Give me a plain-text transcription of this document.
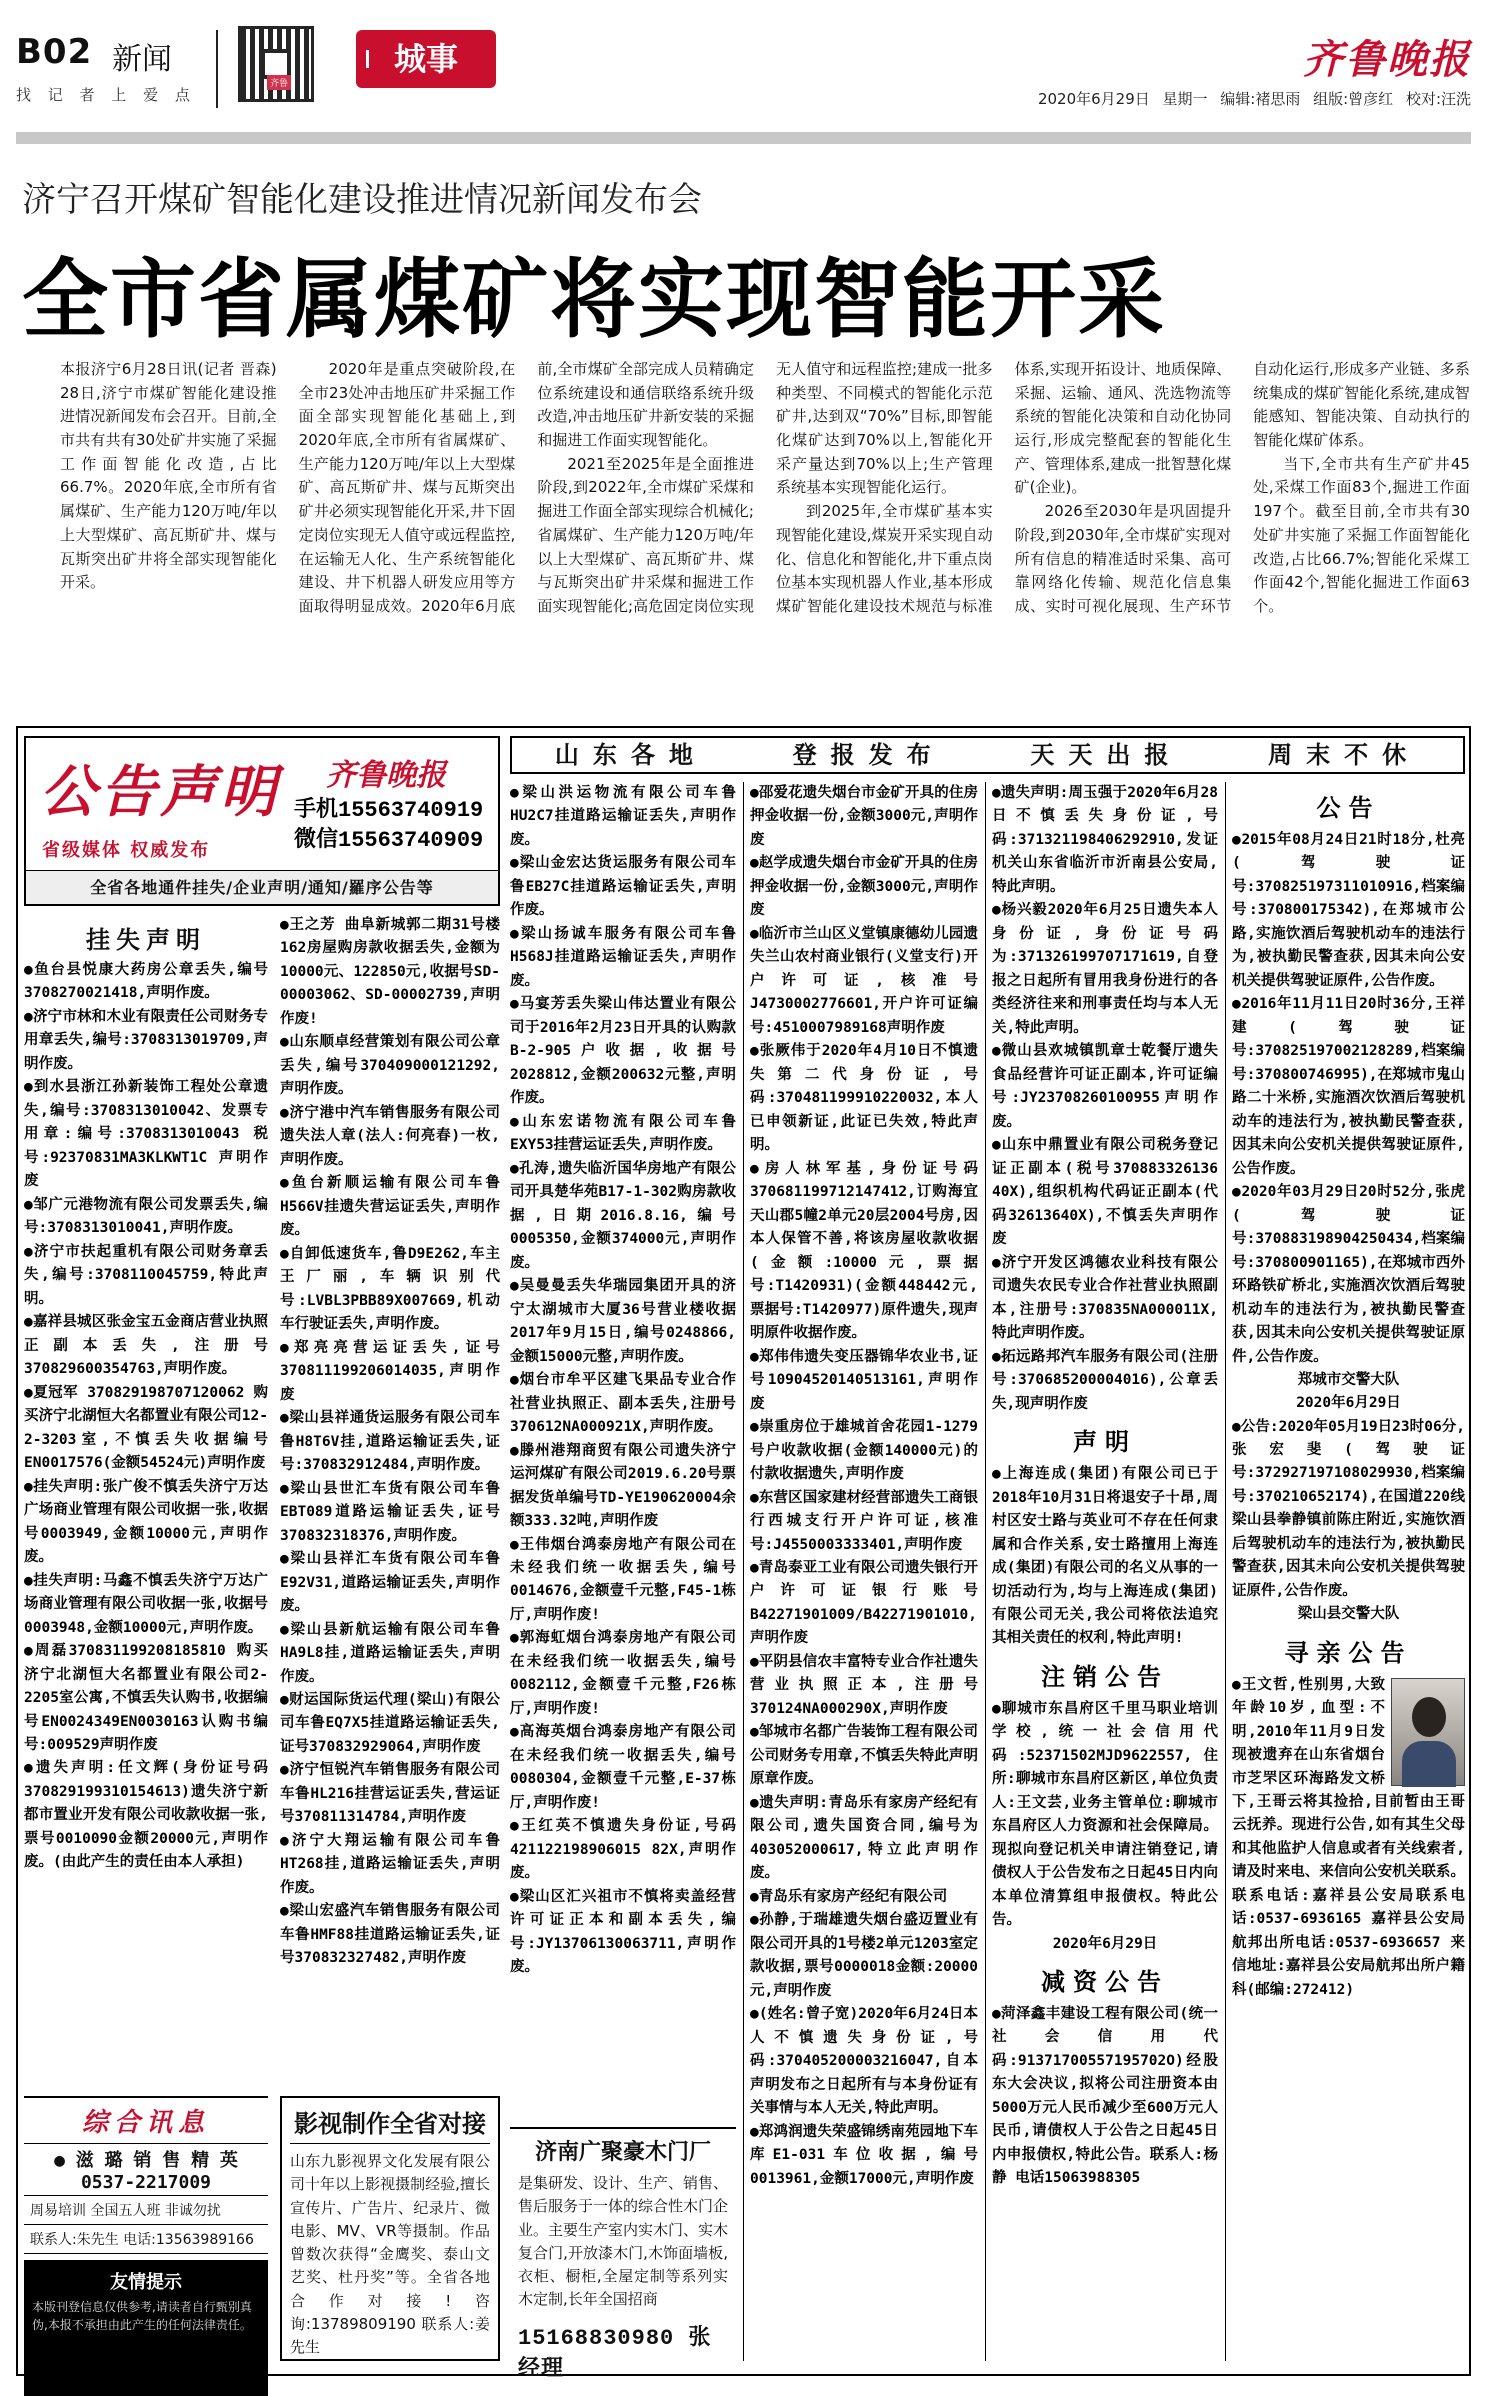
B02 新闻
找 记 者 上 爱 点
齐鲁
城事	齐鲁晚报
2020年6月29日 星期一 编辑:褚思雨 组版:曾彦红 校对:汪洗
济宁召开煤矿智能化建设推进情况新闻发布会
全市省属煤矿将实现智能开采

本报济宁6月28日讯(记者 晋森) 28日,济宁市煤矿智能化建设推进情况新闻发布会召开。目前,全市共有共有30处矿井实施了采掘工作面智能化改造,占比66.7%。2020年底,全市所有省属煤矿、生产能力120万吨/年以上大型煤矿、高瓦斯矿井、煤与瓦斯突出矿井将全部实现智能化开采。

2020年是重点突破阶段,在全市23处冲击地压矿井采掘工作面全部实现智能化基础上,到2020年底,全市所有省属煤矿、生产能力120万吨/年以上大型煤矿、高瓦斯矿井、煤与瓦斯突出矿井必须实现智能化开采,井下固定岗位实现无人值守或远程监控,在运输无人化、生产系统智能化建设、井下机器人研发应用等方面取得明显成效。2020年6月底前,全市煤矿全部完成人员精确定位系统建设和通信联络系统升级改造,冲击地压矿井新安装的采掘和掘进工作面实现智能化。

2021至2025年是全面推进阶段,到2022年,全市煤矿采煤和掘进工作面全部实现综合机械化;省属煤矿、生产能力120万吨/年以上大型煤矿、高瓦斯矿井、煤与瓦斯突出矿井采煤和掘进工作面实现智能化;高危固定岗位实现无人值守和远程监控;建成一批多种类型、不同模式的智能化示范矿井,达到双“70%”目标,即智能化煤矿达到70%以上,智能化开采产量达到70%以上;生产管理系统基本实现智能化运行。

到2025年,全市煤矿基本实现智能化建设,煤炭开采实现自动化、信息化和智能化,井下重点岗位基本实现机器人作业,基本形成煤矿智能化建设技术规范与标准体系,实现开拓设计、地质保障、采掘、运输、通风、洗选物流等系统的智能化决策和自动化协同运行,形成完整配套的智能化生产、管理体系,建成一批智慧化煤矿(企业)。

2026至2030年是巩固提升阶段,到2030年,全市煤矿实现对所有信息的精准适时采集、高可靠网络化传输、规范化信息集成、实时可视化展现、生产环节自动化运行,形成多产业链、多系统集成的煤矿智能化系统,建成智能感知、智能决策、自动执行的智能化煤矿体系。

当下,全市共有生产矿井45处,采煤工作面83个,掘进工作面197个。截至目前,全市共有30处矿井实施了采掘工作面智能化改造,占比66.7%;智能化采煤工作面42个,智能化掘进工作面63个。

公告声明 齐鲁晚报
手机15563740919
微信15563740909
省级媒体 权威发布
全省各地通件挂失/企业声明/通知/羅序公告等
挂失声明
● 鱼台县悦康大药房公章丢失,编号3708270021418,声明作废。
● 济宁市林和木业有限责任公司财务专用章丢失,编号:3708313019709,声明作废。
● 到水县浙江孙新装饰工程处公章遗失,编号:3708313010042、发票专用章:编号:3708313010043 税号:92370831MA3KLKWT1C 声明作废
● 邹广元港物流有限公司发票丢失,编号:3708313010041,声明作废。
● 济宁市扶起重机有限公司财务章丢失,编号:3708110045759,特此声明。
● 嘉祥县城区张金宝五金商店营业执照正副本丢失,注册号370829600354763,声明作废。
● 夏冠军 370829198707120062 购买济宁北湖恒大名都置业有限公司12-2-3203室,不慎丢失收据编号EN0017576(金额54524元)声明作废
● 挂失声明:张广俊不慎丢失济宁万达广场商业管理有限公司收据一张,收据号0003949,金额10000元,声明作废。
● 挂失声明:马鑫不慎丢失济宁万达广场商业管理有限公司收据一张,收据号0003948,金额10000元,声明作废。
● 周磊370831199208185810 购买济宁北湖恒大名都置业有限公司2-2205室公寓,不慎丢失认购书,收据编号EN0024349EN0030163认购书编号:009529声明作废
● 遗失声明:任文辉(身份证号码370829199310154613)遗失济宁新都市置业开发有限公司收款收据一张,票号0010090金额20000元,声明作废。(由此产生的责任由本人承担)
● 王之芳 曲阜新城郭二期31号楼162房屋购房款收据丢失,金额为10000元、122850元,收据号SD-00003062、SD-00002739,声明作废!
● 山东顺卓经营策划有限公司公章丢失,编号370409000121292,声明作废。
● 济宁港中汽车销售服务有限公司遗失法人章(法人:何亮春)一枚,声明作废。
● 鱼台新顺运输有限公司车鲁H566V挂遗失营运证丢失,声明作废。
● 自卸低速货车,鲁D9E262,车主王厂丽,车辆识别代号:LVBL3PBB89X007669,机动车行驶证丢失,声明作废。
● 郑亮亮营运证丢失,证号370811199206014035,声明作废
● 梁山县祥通货运服务有限公司车鲁H8T6V挂,道路运输证丢失,证号:370832912484,声明作废。
● 梁山县世汇车货有限公司车鲁EBT089道路运输证丢失,证号370832318376,声明作废。
● 梁山县祥汇车货有限公司车鲁E92V31,道路运输证丢失,声明作废。
● 梁山县新航运输有限公司车鲁HA9L8挂,道路运输证丢失,声明作废。
● 财运国际货运代理(梁山)有限公司车鲁EQ7X5挂道路运输证丢失,证号370832929064,声明作废
● 济宁恒锐汽车销售服务有限公司车鲁HL216挂营运证丢失,营运证号370811314784,声明作废
● 济宁大翔运输有限公司车鲁HT268挂,道路运输证丢失,声明作废。
● 梁山宏盛汽车销售服务有限公司车鲁HMF88挂道路运输证丢失,证号370832327482,声明作废
综合讯息
● 滋 璐 销 售 精 英 0537-2217009
周易培训 全国五人班 非诚勿扰
联系人:朱先生 电话:13563989166
友情提示
本版刊登信息仅供参考,请读者自行甄别真伪,本报不承担由此产生的任何法律责任。
影视制作全省对接
山东九影视界文化发展有限公司十年以上影视摄制经验,擅长宣传片、广告片、纪录片、微电影、MV、VR等摄制。作品曾数次获得“金鹰奖、泰山文艺奖、杜丹奖”等。全省各地合作对接!咨询:13789809190 联系人:姜先生
山东各地	登报发布	天天出报	周末不休
● 梁山洪运物流有限公司车鲁HU2C7挂道路运输证丢失,声明作废。
● 梁山金宏达货运服务有限公司车鲁EB27C挂道路运输证丢失,声明作废。
● 梁山扬诚车服务有限公司车鲁H568J挂道路运输证丢失,声明作废。
● 马宴芳丢失梁山伟达置业有限公司于2016年2月23日开具的认购款B-2-905户收据,收据号2028812,金额200632元整,声明作废。
● 山东宏诺物流有限公司车鲁EXY53挂营运证丢失,声明作废。
● 孔涛,遗失临沂国华房地产有限公司开具楚华苑B17-1-302购房款收据,日期2016.8.16,编号0005350,金额374000元,声明作废。
● 吴曼曼丢失华瑞园集团开具的济宁太湖城市大厦36号营业楼收据2017年9月15日,编号0248866,金额15000元整,声明作废。
● 烟台市牟平区建飞果品专业合作社营业执照正、副本丢失,注册号370612NA000921X,声明作废。
● 滕州港翔商贸有限公司遗失济宁运河煤矿有限公司2019.6.20号票据发货单编号TD-YE190620004余额333.32吨,声明作废
● 王伟烟台鸿泰房地产有限公司在未经我们统一收据丢失,编号0014676,金额壹千元整,F45-1栋厅,声明作废!
● 郭海虹烟台鸿泰房地产有限公司在未经我们统一收据丢失,编号0082112,金额壹千元整,F26栋厅,声明作废!
● 高海英烟台鸿泰房地产有限公司在未经我们统一收据丢失,编号0080304,金额壹千元整,E-37栋厅,声明作废!
● 王红英不慎遗失身份证,号码421122198906015 82X,声明作废。
● 梁山区汇兴祖市不慎将卖盖经营许可证正本和副本丢失,编号:JY13706130063711,声明作废。
济南广聚豪木门厂
是集研发、设计、生产、销售、售后服务于一体的综合性木门企业。主要生产室内实木门、实木复合门,开放漆木门,木饰面墙板,衣柜、橱柜,全屋定制等系列实木定制,长年全国招商
15168830980 张经理
● 邵爱花遗失烟台市金矿开具的住房押金收据一份,金额3000元,声明作废
● 赵学成遗失烟台市金矿开具的住房押金收据一份,金额3000元,声明作废
● 临沂市兰山区义堂镇康德幼儿园遗失兰山农村商业银行(义堂支行)开户许可证,核准号J4730002776601,开户许可证编号:4510007989168声明作废
● 张厥伟于2020年4月10日不慎遗失第二代身份证,号码:370481199910220032,本人已申领新证,此证已失效,特此声明。
● 房人林军基,身份证号码370681199712147412,订购海宜天山郡5幢2单元20层2004号房,因本人保管不善,将该房屋收款收据(金额:10000元,票据号:T1420931)(金额448442元,票据号:T1420977)原件遗失,现声明原件收据作废。
● 郑伟伟遗失变压器锦华农业书,证号10904520140513161,声明作废
● 崇重房位于雄城首舍花园1-1279号户收款收据(金额140000元)的付款收据遗失,声明作废
● 东营区国家建材经营部遗失工商银行西城支行开户许可证,核准号:J4550003333401,声明作废
● 青岛泰亚工业有限公司遗失银行开户许可证银行账号B42271901009/B42271901010,声明作废
● 平阴县信农丰富特专业合作社遗失营业执照正本,注册号370124NA000290X,声明作废
● 邹城市名都广告装饰工程有限公司公司财务专用章,不慎丢失特此声明原章作废。
● 遗失声明:青岛乐有家房产经纪有限公司,遗失国资合同,编号为403052000617,特立此声明作废。
● 青岛乐有家房产经纪有限公司
● 孙静,于瑞雄遗失烟台盛迈置业有限公司开具的1号楼2单元1203室定款收据,票号0000018金额:20000元,声明作废
● (姓名:曾子宽)2020年6月24日本人不慎遗失身份证,号码:370405200003216047,自本声明发布之日起所有与本身份证有关事情与本人无关,特此声明。
● 郑鸿润遗失荣盛锦绣南苑园地下车库E1-031车位收据,编号0013961,金额17000元,声明作废
● 遗失声明:周玉强于2020年6月28日不慎丢失身份证,号码:371321198406292910,发证机关山东省临沂市沂南县公安局,特此声明。
● 杨兴毅2020年6月25日遗失本人身份证,身份证号码为:371326199707171619,自登报之日起所有冒用我身份进行的各类经济往来和刑事责任均与本人无关,特此声明。
● 微山县欢城镇凯章士乾餐厅遗失食品经营许可证正副本,许可证编号:JY23708260100955声明作废。
● 山东中鼎置业有限公司税务登记证正副本(税号370883326136 40X),组织机构代码证正副本(代码32613640X),不慎丢失声明作废
● 济宁开发区鸿德农业科技有限公司遗失农民专业合作社营业执照副本,注册号:370835NA000011X,特此声明作废。
● 拓远路邦汽车服务有限公司(注册号:370685200004016),公章丢失,现声明作废
声明
● 上海连成(集团)有限公司已于2018年10月31日将退安子十昂,周村区安士路与英业可不存在任何隶属和合作关系,安士路擅用上海连成(集团)有限公司的名义从事的一切活动行为,均与上海连成(集团)有限公司无关,我公司将依法追究其相关责任的权利,特此声明!
注销公告
● 聊城市东昌府区千里马职业培训学校,统一社会信用代码:52371502MJD9622557,住所:聊城市东昌府区新区,单位负责人:王文芸,业务主管单位:聊城市东昌府区人力资源和社会保障局。现拟向登记机关申请注销登记,请债权人于公告发布之日起45日内向本单位清算组申报债权。特此公告。
2020年6月29日
减资公告
● 菏泽鑫丰建设工程有限公司(统一社会信用代码:91371700557195702O)经股东大会决议,拟将公司注册资本由5000万元人民币减少至600万元人民币,请债权人于公告之日起45日内申报债权,特此公告。联系人:杨静 电话15063988305
公告
● 2015年08月24日21时18分,杜亮(驾驶证号:370825197311010916,档案编号:370800175342),在郑城市公路,实施饮酒后驾驶机动车的违法行为,被执勤民警查获,因其未向公安机关提供驾驶证原件,公告作废。
● 2016年11月11日20时36分,王祥建(驾驶证号:370825197002128289,档案编号:370800746995),在郑城市鬼山路二十米桥,实施酒次饮酒后驾驶机动车的违法行为,被执勤民警查获,因其未向公安机关提供驾驶证原件,公告作废。
● 2020年03月29日20时52分,张虎(驾驶证号:370883198904250434,档案编号:370800901165),在郑城市西外环路铁矿桥北,实施酒次饮酒后驾驶机动车的违法行为,被执勤民警查获,因其未向公安机关提供驾驶证原件,公告作废。
郑城市交警大队
2020年6月29日
● 公告:2020年05月19日23时06分,张宏斐(驾驶证号:372927197108029930,档案编号:370210652174),在国道220线梁山县拳静镇前陈庄附近,实施饮酒后驾驶机动车的违法行为,被执勤民警查获,因其未向公安机关提供驾驶证原件,公告作废。
梁山县交警大队
寻亲公告
● 王文哲,性别男,大致年龄10岁,血型:不明,2010年11月9日发现被遗弃在山东省烟台市芝罘区环海路发文桥下,王哥云将其捡拾,目前暂由王哥云抚养。现进行公告,如有其生父母和其他监护人信息或者有关线索者,请及时来电、来信向公安机关联系。联系电话:嘉祥县公安局联系电话:0537-6936165 嘉祥县公安局航邦出所电话:0537-6936657 来信地址:嘉祥县公安局航邦出所户籍科(邮编:272412)
